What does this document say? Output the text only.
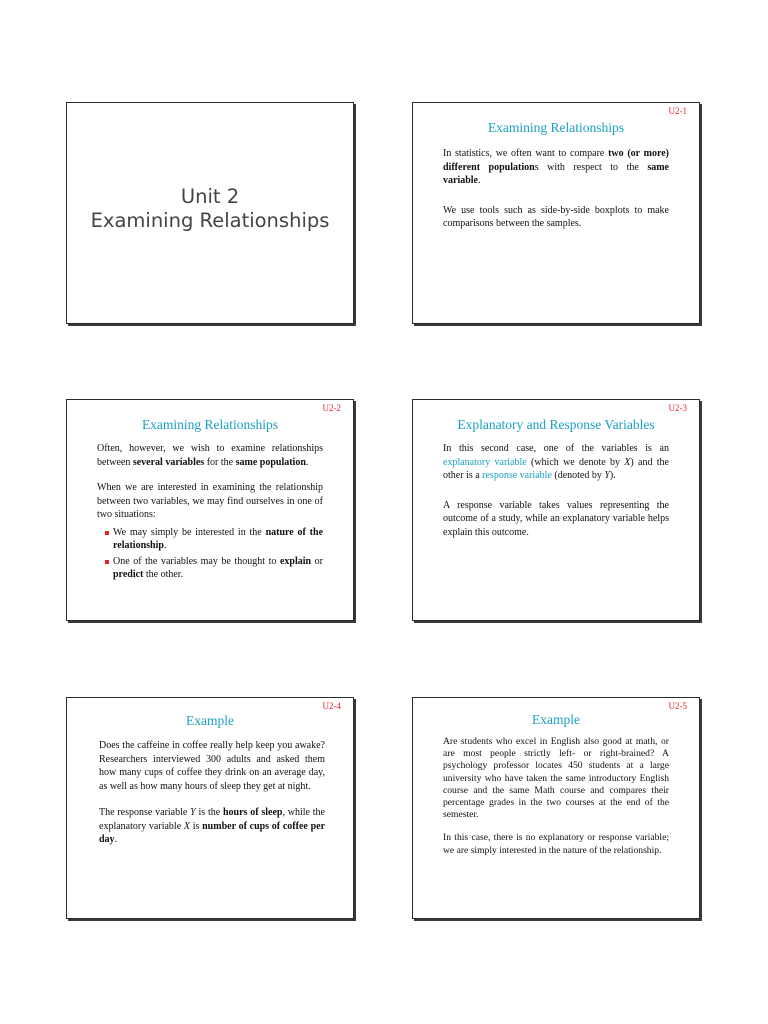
Unit 2
Examining Relationships
U2-1
Examining Relationships

In statistics, we often want to compare two (or more) different populations with respect to the same variable.

We use tools such as side-by-side boxplots to make comparisons between the samples.

U2-2
Examining Relationships

Often, however, we wish to examine relationships between several variables for the same population.

When we are interested in examining the relationship between two variables, we may find ourselves in one of two situations:

We may simply be interested in the nature of the relationship.
One of the variables may be thought to explain or predict the other.
U2-3
Explanatory and Response Variables

In this second case, one of the variables is an explanatory variable (which we denote by X) and the other is a response variable (denoted by Y).

A response variable takes values representing the outcome of a study, while an explanatory variable helps explain this outcome.

U2-4
Example

Does the caffeine in coffee really help keep you awake? Researchers interviewed 300 adults and asked them how many cups of coffee they drink on an average day, as well as how many hours of sleep they get at night.

The response variable Y is the hours of sleep, while the explanatory variable X is number of cups of coffee per day.

U2-5
Example

Are students who excel in English also good at math, or are most people strictly left- or right-brained? A psychology professor locates 450 students at a large university who have taken the same introductory English course and the same Math course and compares their percentage grades in the two courses at the end of the semester.

In this case, there is no explanatory or response variable; we are simply interested in the nature of the relationship.
